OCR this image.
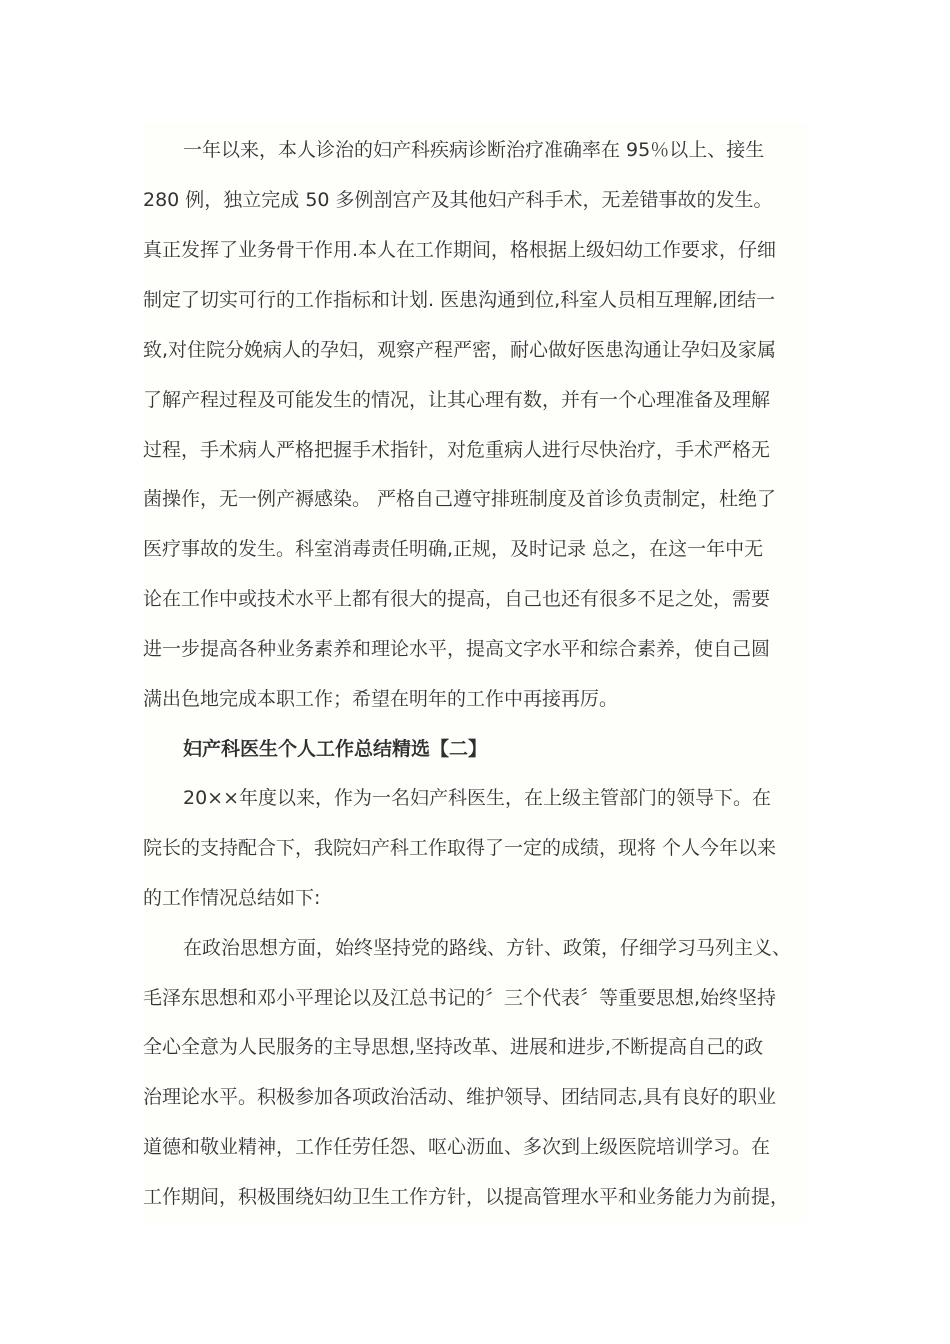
一年以来，本人诊治的妇产科疾病诊断治疗准确率在 95％以上、接生
280 例，独立完成 50 多例剖宫产及其他妇产科手术，无差错事故的发生。
真正发挥了业务骨干作用.本人在工作期间，格根据上级妇幼工作要求，仔细
制定了切实可行的工作指标和计划. 医患沟通到位,科室人员相互理解,团结一
致,对住院分娩病人的孕妇，观察产程严密，耐心做好医患沟通让孕妇及家属
了解产程过程及可能发生的情况，让其心理有数，并有一个心理准备及理解
过程，手术病人严格把握手术指针，对危重病人进行尽快治疗，手术严格无
菌操作，无一例产褥感染。 严格自己遵守排班制度及首诊负责制定，杜绝了
医疗事故的发生。科室消毒责任明确,正规，及时记录 总之，在这一年中无
论在工作中或技术水平上都有很大的提高，自己也还有很多不足之处，需要
进一步提高各种业务素养和理论水平，提高文字水平和综合素养，使自己圆
满出色地完成本职工作；希望在明年的工作中再接再厉。
妇产科医生个人工作总结精选【二】
20××年度以来，作为一名妇产科医生，在上级主管部门的领导下。在
院长的支持配合下，我院妇产科工作取得了一定的成绩，现将 个人今年以来
的工作情况总结如下:
在政治思想方面，始终坚持党的路线、方针、政策，仔细学习马列主义、
毛泽东思想和邓小平理论以及江总书记的〞三个代表〞等重要思想,始终坚持
全心全意为人民服务的主导思想,坚持改革、进展和进步,不断提高自己的政
治理论水平。积极参加各项政治活动、维护领导、团结同志,具有良好的职业
道德和敬业精神，工作任劳任怨、呕心沥血、多次到上级医院培训学习。在
工作期间，积极围绕妇幼卫生工作方针，以提高管理水平和业务能力为前提，
